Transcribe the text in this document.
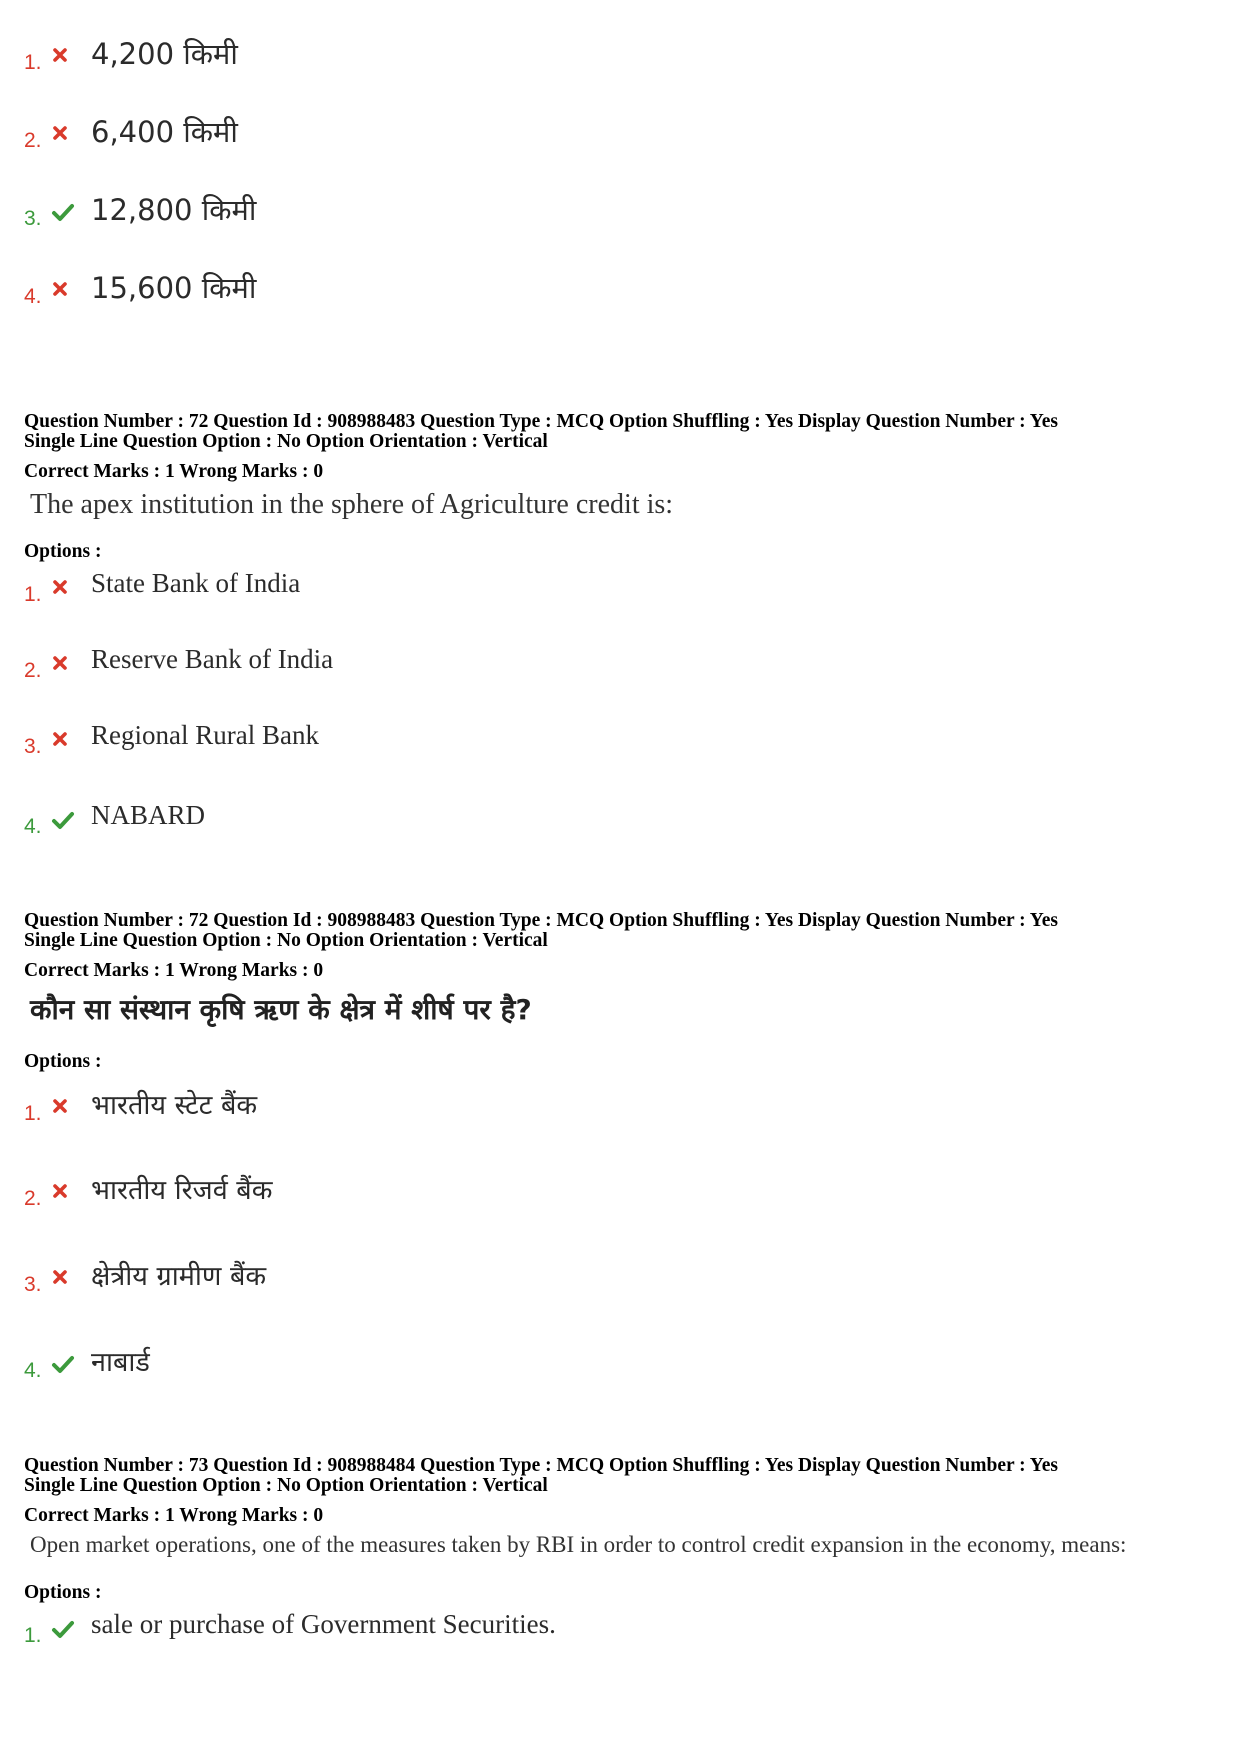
1. 4,200 किमी
2. 6,400 किमी
3. 12,800 किमी
4. 15,600 किमी
Question Number : 72 Question Id : 908988483 Question Type : MCQ Option Shuffling : Yes Display Question Number : Yes
Single Line Question Option : No Option Orientation : Vertical
Correct Marks : 1 Wrong Marks : 0
The apex institution in the sphere of Agriculture credit is:
Options :
1. State Bank of India
2. Reserve Bank of India
3. Regional Rural Bank
4. NABARD
Question Number : 72 Question Id : 908988483 Question Type : MCQ Option Shuffling : Yes Display Question Number : Yes
Single Line Question Option : No Option Orientation : Vertical
Correct Marks : 1 Wrong Marks : 0
कौन सा संस्थान कृषि ऋण के क्षेत्र में शीर्ष पर है?
Options :
1. भारतीय स्टेट बैंक
2. भारतीय रिजर्व बैंक
3. क्षेत्रीय ग्रामीण बैंक
4. नाबार्ड
Question Number : 73 Question Id : 908988484 Question Type : MCQ Option Shuffling : Yes Display Question Number : Yes
Single Line Question Option : No Option Orientation : Vertical
Correct Marks : 1 Wrong Marks : 0
Open market operations, one of the measures taken by RBI in order to control credit expansion in the economy, means:
Options :
1. sale or purchase of Government Securities.
